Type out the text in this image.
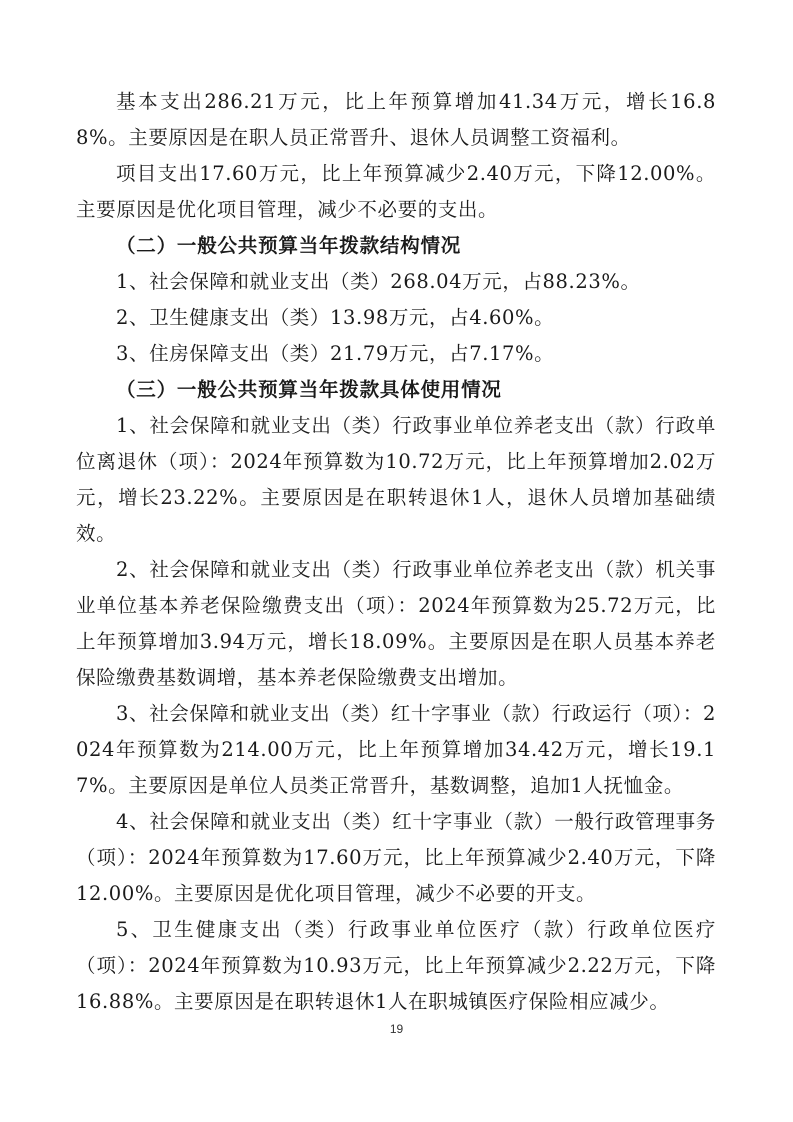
基本支出286.21万元，比上年预算增加41.34万元，增长16.88%。主要原因是在职人员正常晋升、退休人员调整工资福利。

项目支出17.60万元，比上年预算减少2.40万元，下降12.00%。主要原因是优化项目管理，减少不必要的支出。

（二）一般公共预算当年拨款结构情况

1、社会保障和就业支出（类）268.04万元，占88.23%。

2、卫生健康支出（类）13.98万元，占4.60%。

3、住房保障支出（类）21.79万元，占7.17%。

（三）一般公共预算当年拨款具体使用情况

1、社会保障和就业支出（类）行政事业单位养老支出（款）行政单位离退休（项）：2024年预算数为10.72万元，比上年预算增加2.02万元，增长23.22%。主要原因是在职转退休1人，退休人员增加基础绩效。

2、社会保障和就业支出（类）行政事业单位养老支出（款）机关事业单位基本养老保险缴费支出（项）：2024年预算数为25.72万元，比上年预算增加3.94万元，增长18.09%。主要原因是在职人员基本养老保险缴费基数调增，基本养老保险缴费支出增加。

3、社会保障和就业支出（类）红十字事业（款）行政运行（项）：2024年预算数为214.00万元，比上年预算增加34.42万元，增长19.17%。主要原因是单位人员类正常晋升，基数调整，追加1人抚恤金。

4、社会保障和就业支出（类）红十字事业（款）一般行政管理事务（项）：2024年预算数为17.60万元，比上年预算减少2.40万元，下降12.00%。主要原因是优化项目管理，减少不必要的开支。

5、卫生健康支出（类）行政事业单位医疗（款）行政单位医疗（项）：2024年预算数为10.93万元，比上年预算减少2.22万元，下降16.88%。主要原因是在职转退休1人在职城镇医疗保险相应减少。

19
